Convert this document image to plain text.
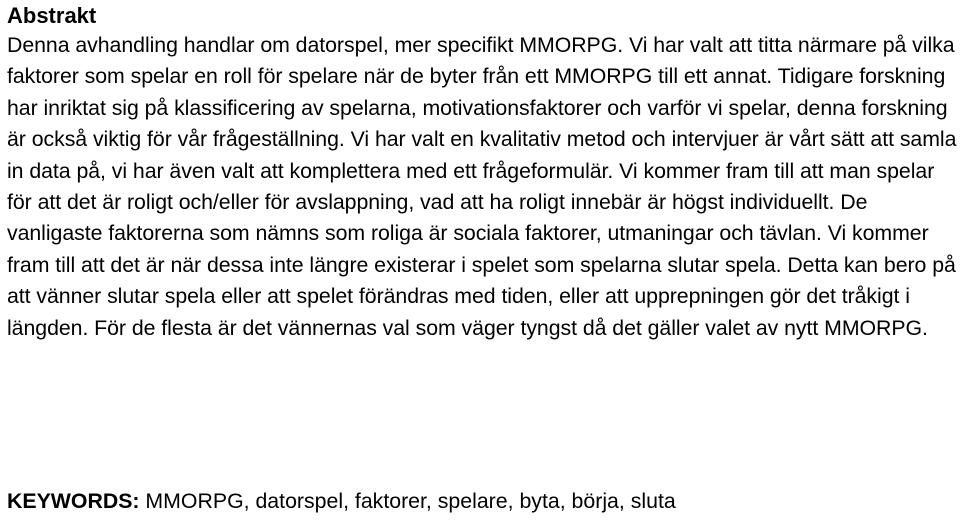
Abstrakt

Denna avhandling handlar om datorspel, mer specifikt MMORPG. Vi har valt att titta närmare på vilka faktorer som spelar en roll för spelare när de byter från ett MMORPG till ett annat. Tidigare forskning har inriktat sig på klassificering av spelarna, motivationsfaktorer och varför vi spelar, denna forskning är också viktig för vår frågeställning. Vi har valt en kvalitativ metod och intervjuer är vårt sätt att samla in data på, vi har även valt att komplettera med ett frågeformulär. Vi kommer fram till att man spelar för att det är roligt och/eller för avslappning, vad att ha roligt innebär är högst individuellt. De vanligaste faktorerna som nämns som roliga är sociala faktorer, utmaningar och tävlan. Vi kommer fram till att det är när dessa inte längre existerar i spelet som spelarna slutar spela. Detta kan bero på att vänner slutar spela eller att spelet förändras med tiden, eller att upprepningen gör det tråkigt i längden. För de flesta är det vännernas val som väger tyngst då det gäller valet av nytt MMORPG.

KEYWORDS: MMORPG, datorspel, faktorer, spelare, byta, börja, sluta
